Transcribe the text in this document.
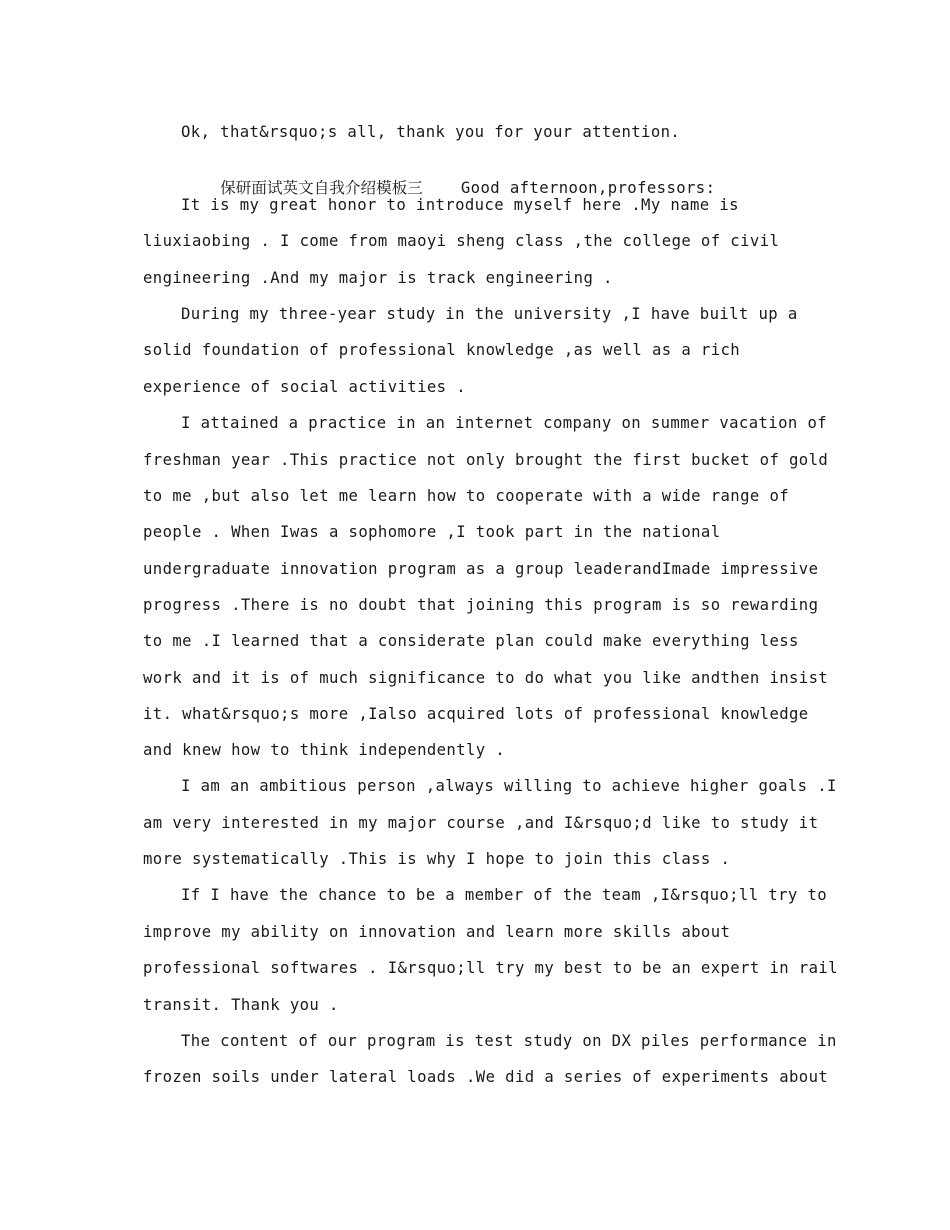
Ok, that&rsquo;s all, thank you for your attention.

保研面试英文自我介绍模板三 Good afternoon,professors:

It is my great honor to introduce myself here .My name is
liuxiaobing . I come from maoyi sheng class ,the college of civil
engineering .And my major is track engineering .
During my three-year study in the university ,I have built up a
solid foundation of professional knowledge ,as well as a rich
experience of social activities .
I attained a practice in an internet company on summer vacation of
freshman year .This practice not only brought the first bucket of gold
to me ,but also let me learn how to cooperate with a wide range of
people . When Iwas a sophomore ,I took part in the national
undergraduate innovation program as a group leaderandImade impressive
progress .There is no doubt that joining this program is so rewarding
to me .I learned that a considerate plan could make everything less
work and it is of much significance to do what you like andthen insist
it. what&rsquo;s more ,Ialso acquired lots of professional knowledge
and knew how to think independently .
I am an ambitious person ,always willing to achieve higher goals .I
am very interested in my major course ,and I&rsquo;d like to study it
more systematically .This is why I hope to join this class .
If I have the chance to be a member of the team ,I&rsquo;ll try to
improve my ability on innovation and learn more skills about
professional softwares . I&rsquo;ll try my best to be an expert in rail
transit. Thank you .
The content of our program is test study on DX piles performance in
frozen soils under lateral loads .We did a series of experiments about
